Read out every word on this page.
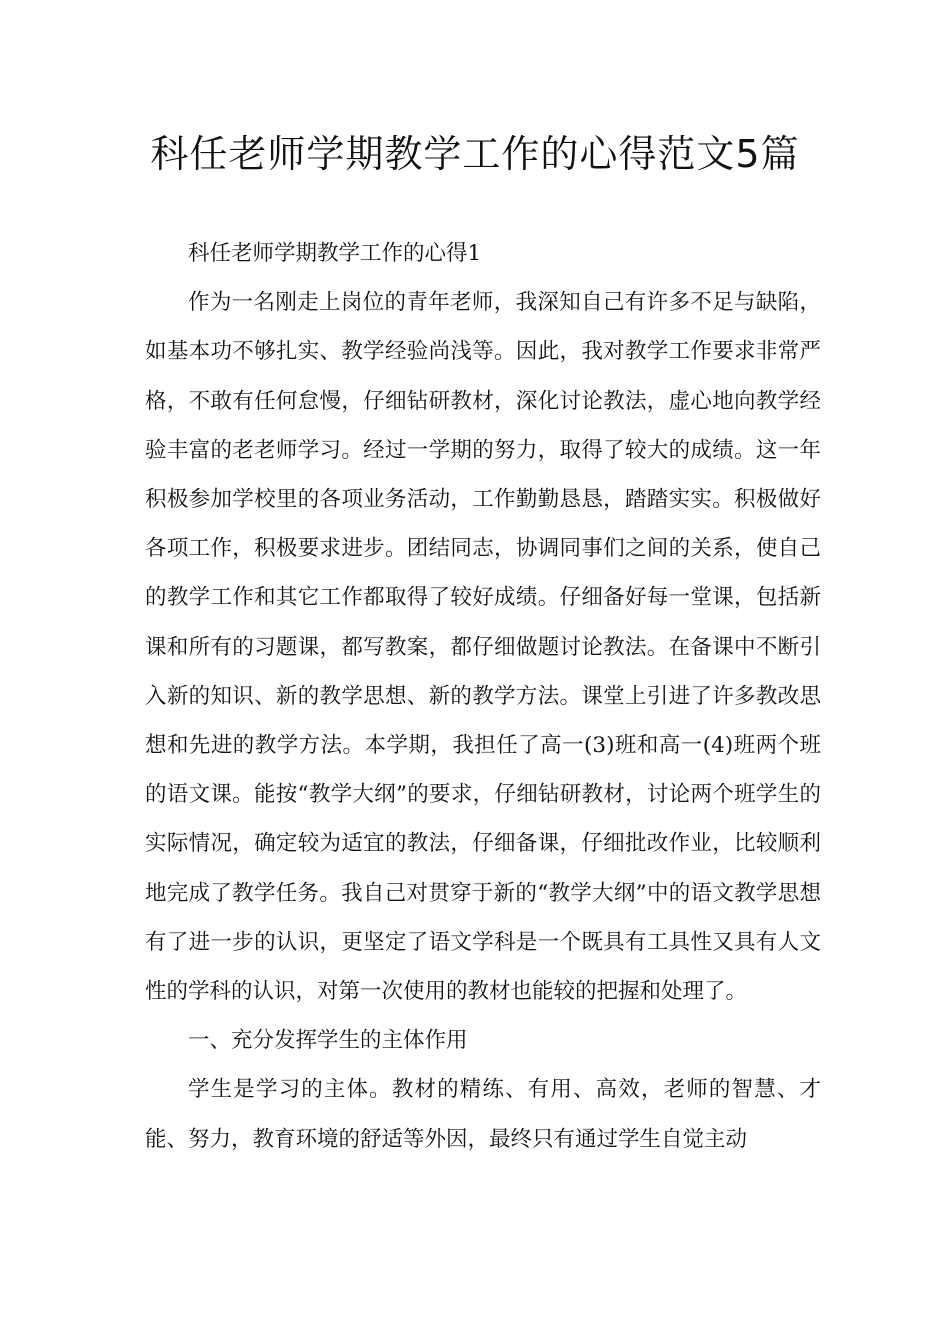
科任老师学期教学工作的心得范文5篇

科任老师学期教学工作的心得1

作为一名刚走上岗位的青年老师，我深知自己有许多不足与缺陷，如基本功不够扎实、教学经验尚浅等。因此，我对教学工作要求非常严格，不敢有任何怠慢，仔细钻研教材，深化讨论教法，虚心地向教学经验丰富的老老师学习。经过一学期的努力，取得了较大的成绩。这一年积极参加学校里的各项业务活动，工作勤勤恳恳，踏踏实实。积极做好各项工作，积极要求进步。团结同志，协调同事们之间的关系，使自己的教学工作和其它工作都取得了较好成绩。仔细备好每一堂课，包括新课和所有的习题课，都写教案，都仔细做题讨论教法。在备课中不断引入新的知识、新的教学思想、新的教学方法。课堂上引进了许多教改思想和先进的教学方法。本学期，我担任了高一(3)班和高一(4)班两个班的语文课。能按“教学大纲”的要求，仔细钻研教材，讨论两个班学生的实际情况，确定较为适宜的教法，仔细备课，仔细批改作业，比较顺利地完成了教学任务。我自己对贯穿于新的“教学大纲”中的语文教学思想有了进一步的认识，更坚定了语文学科是一个既具有工具性又具有人文性的学科的认识，对第一次使用的教材也能较的把握和处理了。

一、充分发挥学生的主体作用

学生是学习的主体。教材的精练、有用、高效，老师的智慧、才能、努力，教育环境的舒适等外因，最终只有通过学生自觉主动
